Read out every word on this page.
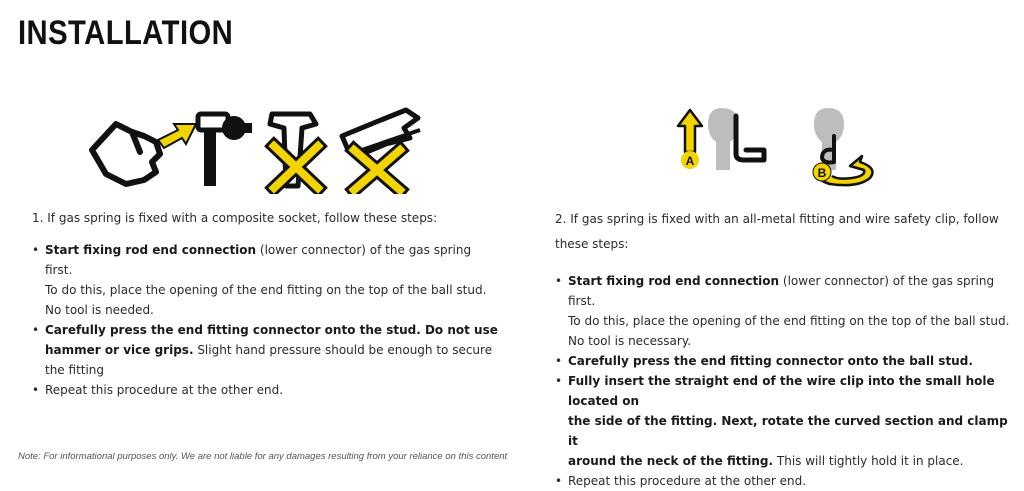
INSTALLATION
A
B

1. If gas spring is fixed with a composite socket, follow these steps:

• Start fixing rod end connection (lower connector) of the gas spring first.
To do this, place the opening of the end fitting on the top of the ball stud.
No tool is needed.
• Carefully press the end fitting connector onto the stud. Do not use
hammer or vice grips. Slight hand pressure should be enough to secure
the fitting
• Repeat this procedure at the other end.

2. If gas spring is fixed with an all-metal fitting and wire safety clip, follow
these steps:

• Start fixing rod end connection (lower connector) of the gas spring first.
To do this, place the opening of the end fitting on the top of the ball stud.
No tool is necessary.
• Carefully press the end fitting connector onto the ball stud.
• Fully insert the straight end of the wire clip into the small hole located on
the side of the fitting. Next, rotate the curved section and clamp it
around the neck of the fitting. This will tightly hold it in place.
• Repeat this procedure at the other end.
Note: For informational purposes only. We are not liable for any damages resulting from your reliance on this content
